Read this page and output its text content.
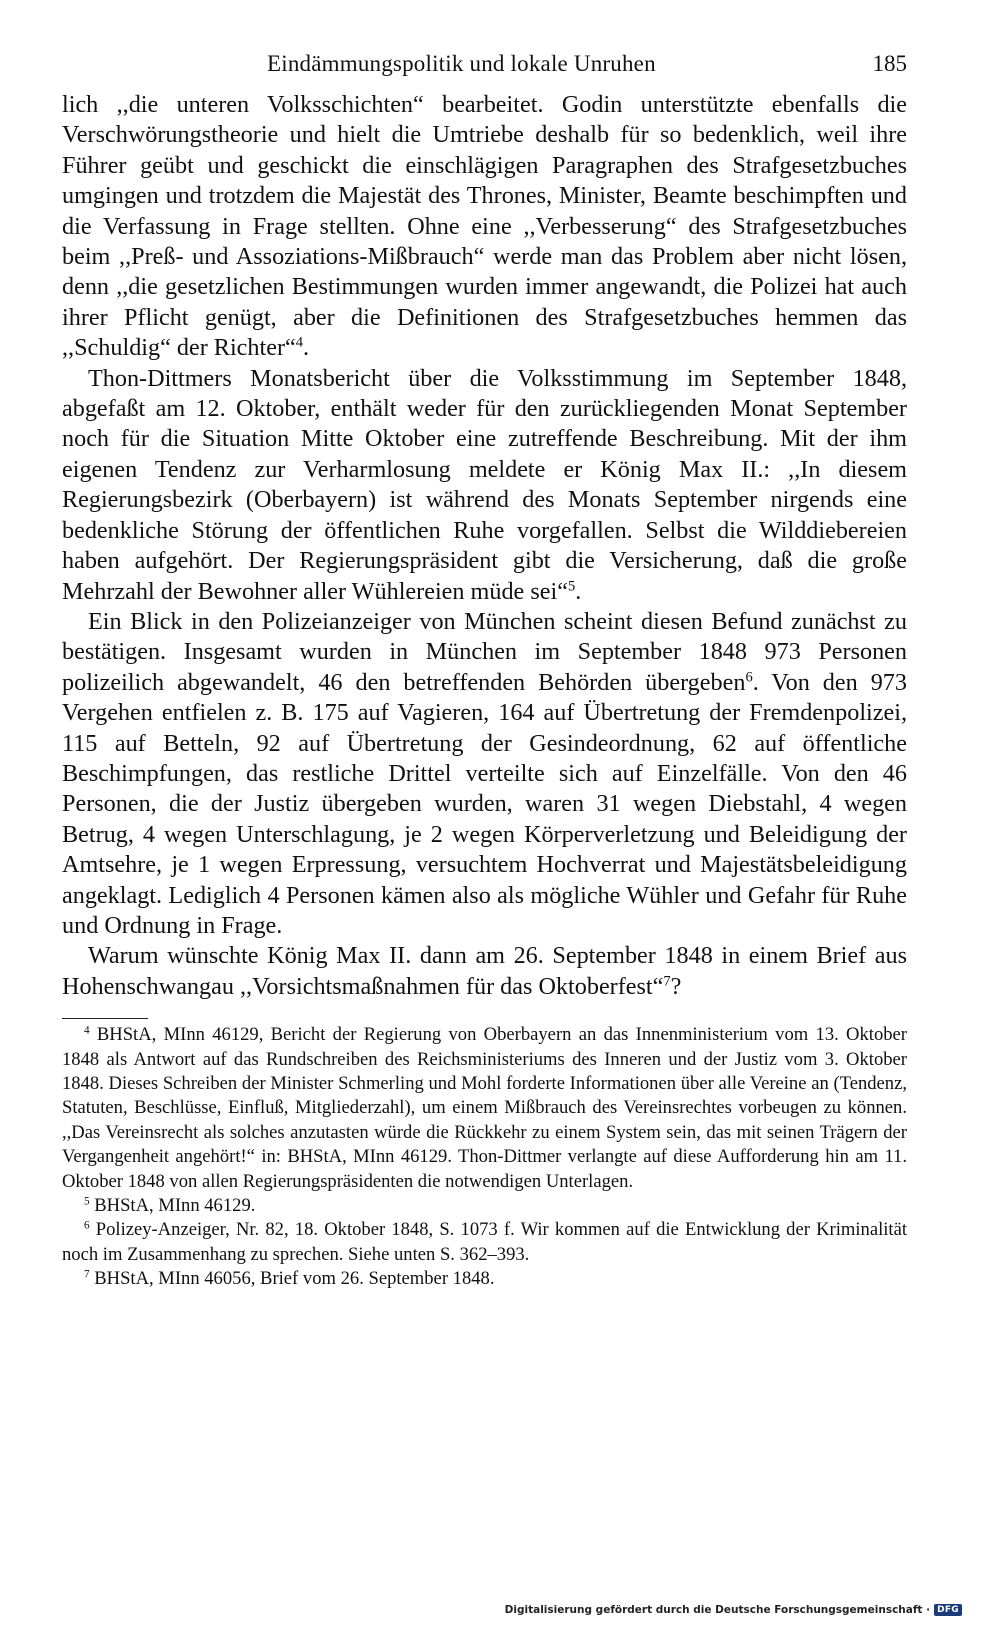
Eindämmungspolitik und lokale Unruhen	185

lich ,,die unteren Volksschichten“ bearbeitet. Godin unterstützte ebenfalls die Verschwörungstheorie und hielt die Umtriebe deshalb für so bedenklich, weil ihre Führer geübt und geschickt die einschlägigen Paragraphen des Strafgesetzbuches umgingen und trotzdem die Majestät des Thrones, Minister, Beamte beschimpften und die Verfassung in Frage stellten. Ohne eine ,,Verbesserung“ des Strafgesetzbuches beim ,,Preß- und Assoziations-Mißbrauch“ werde man das Problem aber nicht lösen, denn ,,die gesetzlichen Bestimmungen wurden immer angewandt, die Polizei hat auch ihrer Pflicht genügt, aber die Definitionen des Strafgesetzbuches hemmen das ,,Schuldig“ der Richter“$^4$.

Thon-Dittmers Monatsbericht über die Volksstimmung im September 1848, abgefaßt am 12. Oktober, enthält weder für den zurückliegenden Monat September noch für die Situation Mitte Oktober eine zutreffende Beschreibung. Mit der ihm eigenen Tendenz zur Verharmlosung meldete er König Max II.: ,,In diesem Regierungsbezirk (Oberbayern) ist während des Monats September nirgends eine bedenkliche Störung der öffentlichen Ruhe vorgefallen. Selbst die Wilddiebereien haben aufgehört. Der Regierungspräsident gibt die Versicherung, daß die große Mehrzahl der Bewohner aller Wühlereien müde sei“$^5$.

Ein Blick in den Polizeianzeiger von München scheint diesen Befund zunächst zu bestätigen. Insgesamt wurden in München im September 1848 973 Personen polizeilich abgewandelt, 46 den betreffenden Behörden übergeben$^6$. Von den 973 Vergehen entfielen z. B. 175 auf Vagieren, 164 auf Übertretung der Fremdenpolizei, 115 auf Betteln, 92 auf Übertretung der Gesindeordnung, 62 auf öffentliche Beschimpfungen, das restliche Drittel verteilte sich auf Einzelfälle. Von den 46 Personen, die der Justiz übergeben wurden, waren 31 wegen Diebstahl, 4 wegen Betrug, 4 wegen Unterschlagung, je 2 wegen Körperverletzung und Beleidigung der Amtsehre, je 1 wegen Erpressung, versuchtem Hochverrat und Majestätsbeleidigung angeklagt. Lediglich 4 Personen kämen also als mögliche Wühler und Gefahr für Ruhe und Ordnung in Frage.

Warum wünschte König Max II. dann am 26. September 1848 in einem Brief aus Hohenschwangau ,,Vorsichtsmaßnahmen für das Oktoberfest“$^7$?

$^4$ BHStA, MInn 46129, Bericht der Regierung von Oberbayern an das Innenministerium vom 13. Oktober 1848 als Antwort auf das Rundschreiben des Reichsministeriums des Inneren und der Justiz vom 3. Oktober 1848. Dieses Schreiben der Minister Schmerling und Mohl forderte Informationen über alle Vereine an (Tendenz, Statuten, Beschlüsse, Einfluß, Mitgliederzahl), um einem Mißbrauch des Vereinsrechtes vorbeugen zu können. ,,Das Vereinsrecht als solches anzutasten würde die Rückkehr zu einem System sein, das mit seinen Trägern der Vergangenheit angehört!“ in: BHStA, MInn 46129. Thon-Dittmer verlangte auf diese Aufforderung hin am 11. Oktober 1848 von allen Regierungspräsidenten die notwendigen Unterlagen.

$^5$ BHStA, MInn 46129.

$^6$ Polizey-Anzeiger, Nr. 82, 18. Oktober 1848, S. 1073 f. Wir kommen auf die Entwicklung der Kriminalität noch im Zusammenhang zu sprechen. Siehe unten S. 362–393.

$^7$ BHStA, MInn 46056, Brief vom 26. September 1848.

Digitalisierung gefördert durch die Deutsche Forschungsgemeinschaft · DFG
